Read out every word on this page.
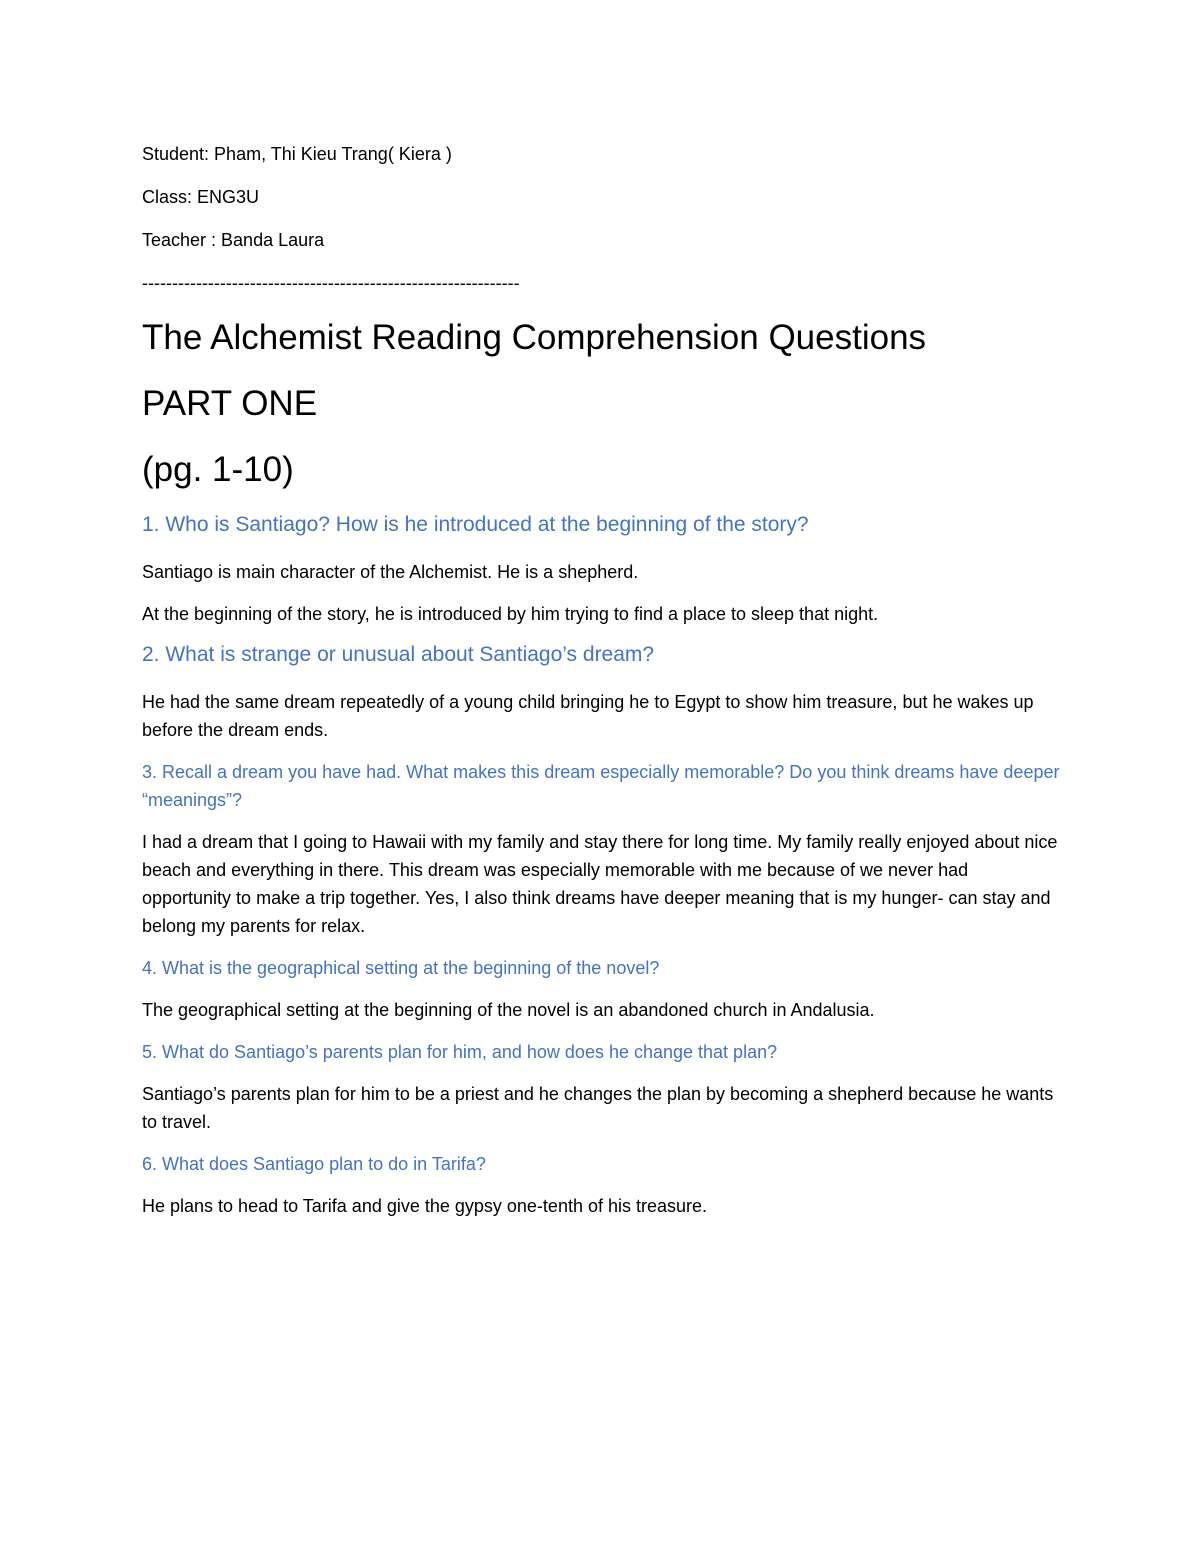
Student: Pham, Thi Kieu Trang( Kiera )

Class: ENG3U

Teacher : Banda Laura

---------------------------------------------------------------

The Alchemist Reading Comprehension Questions
PART ONE
(pg. 1-10)

1. Who is Santiago? How is he introduced at the beginning of the story?

Santiago is main character of the Alchemist. He is a shepherd.

At the beginning of the story, he is introduced by him trying to find a place to sleep that night.

2. What is strange or unusual about Santiago’s dream?

He had the same dream repeatedly of a young child bringing he to Egypt to show him treasure, but he wakes up before the dream ends.

3. Recall a dream you have had. What makes this dream especially memorable? Do you think dreams have deeper “meanings”?

I had a dream that I going to Hawaii with my family and stay there for long time. My family really enjoyed about nice beach and everything in there. This dream was especially memorable with me because of we never had opportunity to make a trip together. Yes, I also think dreams have deeper meaning that is my hunger- can stay and belong my parents for relax.

4. What is the geographical setting at the beginning of the novel?

The geographical setting at the beginning of the novel is an abandoned church in Andalusia.

5. What do Santiago’s parents plan for him, and how does he change that plan?

Santiago’s parents plan for him to be a priest and he changes the plan by becoming a shepherd because he wants to travel.

6. What does Santiago plan to do in Tarifa?

He plans to head to Tarifa and give the gypsy one-tenth of his treasure.
